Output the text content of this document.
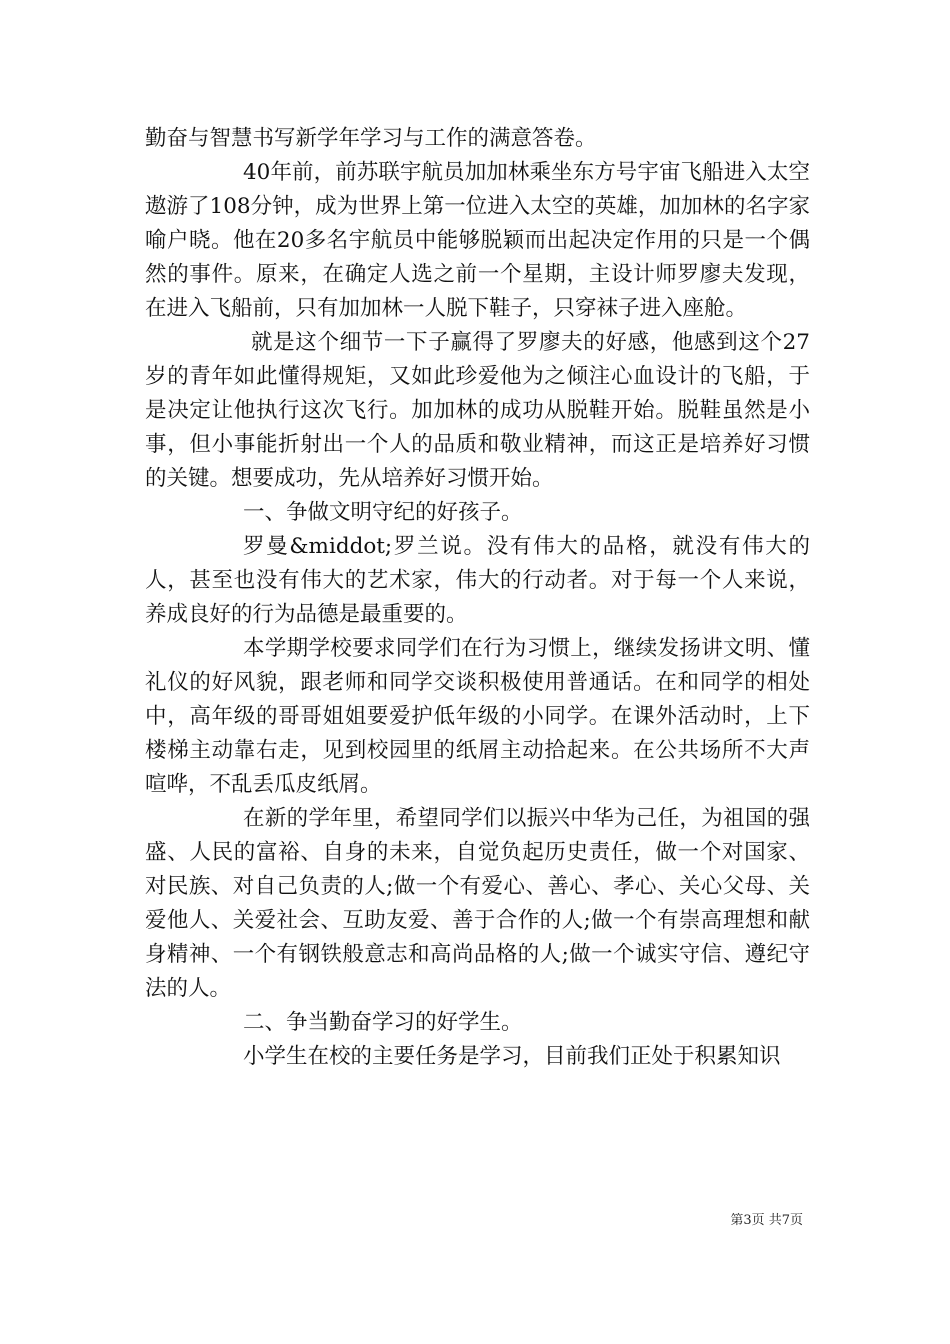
勤奋与智慧书写新学年学习与工作的满意答卷。

40年前，前苏联宇航员加加林乘坐东方号宇宙飞船进入太空遨游了108分钟，成为世界上第一位进入太空的英雄，加加林的名字家喻户晓。他在20多名宇航员中能够脱颖而出起决定作用的只是一个偶然的事件。原来，在确定人选之前一个星期，主设计师罗廖夫发现，在进入飞船前，只有加加林一人脱下鞋子，只穿袜子进入座舱。

就是这个细节一下子赢得了罗廖夫的好感，他感到这个27岁的青年如此懂得规矩，又如此珍爱他为之倾注心血设计的飞船，于是决定让他执行这次飞行。加加林的成功从脱鞋开始。脱鞋虽然是小事，但小事能折射出一个人的品质和敬业精神，而这正是培养好习惯的关键。想要成功，先从培养好习惯开始。

一、争做文明守纪的好孩子。

罗曼&middot;罗兰说。没有伟大的品格，就没有伟大的人，甚至也没有伟大的艺术家，伟大的行动者。对于每一个人来说，养成良好的行为品德是最重要的。

本学期学校要求同学们在行为习惯上，继续发扬讲文明、懂礼仪的好风貌，跟老师和同学交谈积极使用普通话。在和同学的相处中，高年级的哥哥姐姐要爱护低年级的小同学。在课外活动时，上下楼梯主动靠右走，见到校园里的纸屑主动拾起来。在公共场所不大声喧哗，不乱丢瓜皮纸屑。

在新的学年里，希望同学们以振兴中华为己任，为祖国的强盛、人民的富裕、自身的未来，自觉负起历史责任，做一个对国家、对民族、对自己负责的人;做一个有爱心、善心、孝心、关心父母、关爱他人、关爱社会、互助友爱、善于合作的人;做一个有崇高理想和献身精神、一个有钢铁般意志和高尚品格的人;做一个诚实守信、遵纪守法的人。

二、争当勤奋学习的好学生。

小学生在校的主要任务是学习，目前我们正处于积累知识

第3页 共7页
